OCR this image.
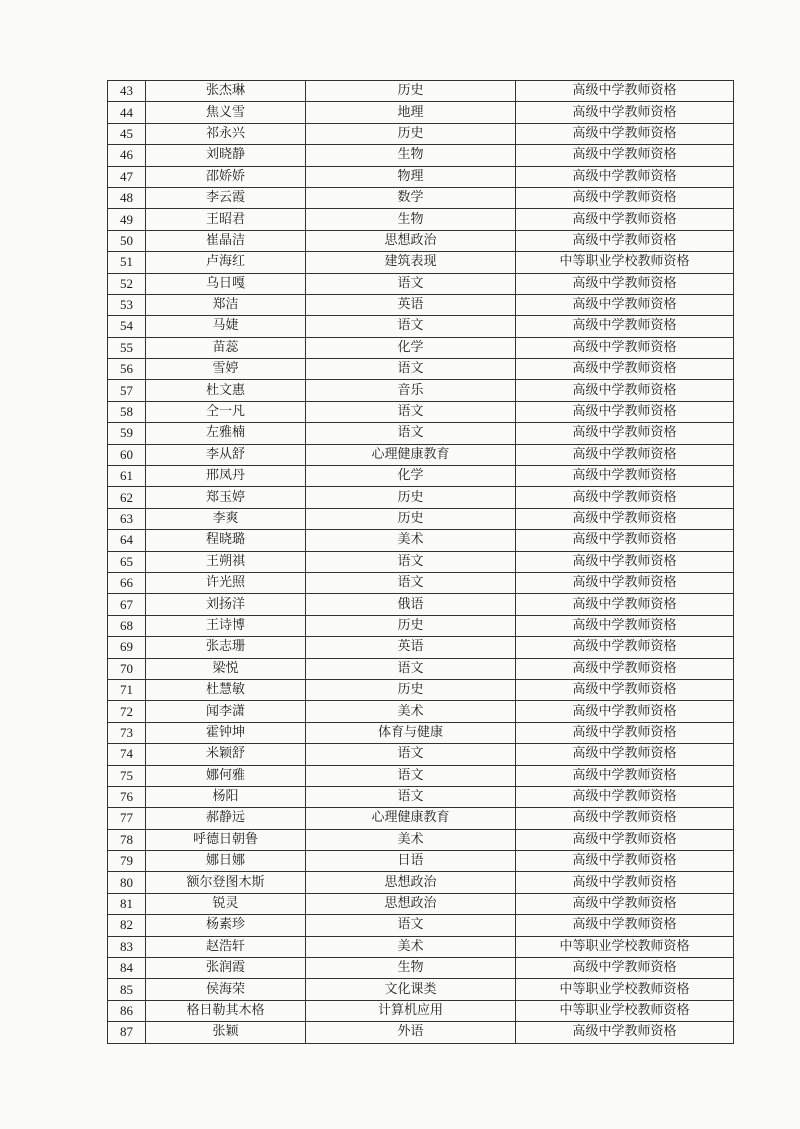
43	张杰琳	历史	高级中学教师资格
44	焦义雪	地理	高级中学教师资格
45	祁永兴	历史	高级中学教师资格
46	刘晓静	生物	高级中学教师资格
47	邵娇娇	物理	高级中学教师资格
48	李云霞	数学	高级中学教师资格
49	王昭君	生物	高级中学教师资格
50	崔晶洁	思想政治	高级中学教师资格
51	卢海红	建筑表现	中等职业学校教师资格
52	乌日嘎	语文	高级中学教师资格
53	郑洁	英语	高级中学教师资格
54	马婕	语文	高级中学教师资格
55	苗蕊	化学	高级中学教师资格
56	雪婷	语文	高级中学教师资格
57	杜文惠	音乐	高级中学教师资格
58	仝一凡	语文	高级中学教师资格
59	左雅楠	语文	高级中学教师资格
60	李从舒	心理健康教育	高级中学教师资格
61	邢凤丹	化学	高级中学教师资格
62	郑玉婷	历史	高级中学教师资格
63	李爽	历史	高级中学教师资格
64	程晓璐	美术	高级中学教师资格
65	王朔祺	语文	高级中学教师资格
66	许光照	语文	高级中学教师资格
67	刘扬洋	俄语	高级中学教师资格
68	王诗博	历史	高级中学教师资格
69	张志珊	英语	高级中学教师资格
70	梁悦	语文	高级中学教师资格
71	杜慧敏	历史	高级中学教师资格
72	闻李潇	美术	高级中学教师资格
73	霍钟坤	体育与健康	高级中学教师资格
74	米颖舒	语文	高级中学教师资格
75	娜何雅	语文	高级中学教师资格
76	杨阳	语文	高级中学教师资格
77	郝静远	心理健康教育	高级中学教师资格
78	呼德日朝鲁	美术	高级中学教师资格
79	娜日娜	日语	高级中学教师资格
80	额尔登图木斯	思想政治	高级中学教师资格
81	锐灵	思想政治	高级中学教师资格
82	杨素珍	语文	高级中学教师资格
83	赵浩轩	美术	中等职业学校教师资格
84	张润霞	生物	高级中学教师资格
85	侯海荣	文化课类	中等职业学校教师资格
86	格日勒其木格	计算机应用	中等职业学校教师资格
87	张颖	外语	高级中学教师资格
